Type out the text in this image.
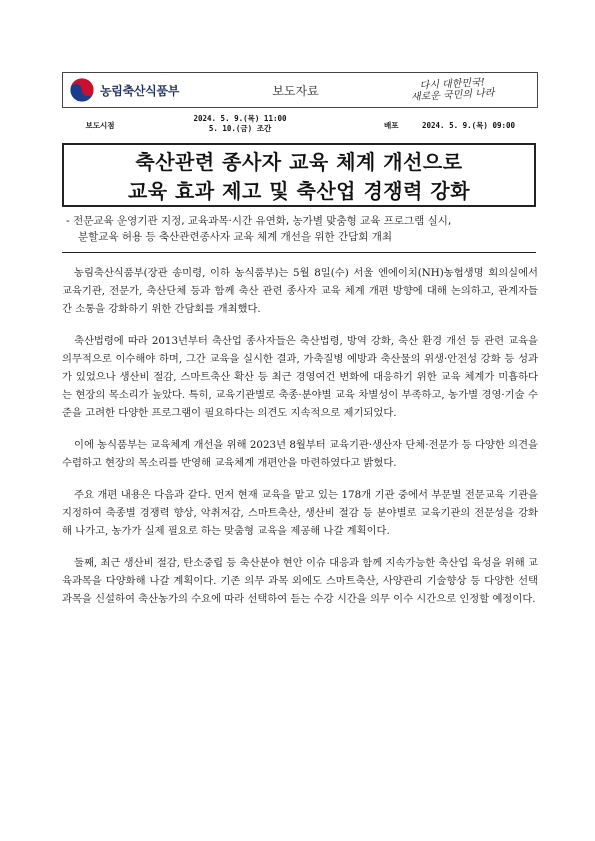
농림축산식품부	보도자료	다시 대한민국!
새로운 국민의 나라
보도시점
2024. 5. 9.(목) 11:00
5. 10.(금) 조간	배포	2024. 5. 9.(목) 09:00
축산관련 종사자 교육 체계 개선으로
교육 효과 제고 및 축산업 경쟁력 강화
- 전문교육 운영기관 지정, 교육과목·시간 유연화, 농가별 맞춤형 교육 프로그램 실시,
분할교육 허용 등 축산관련종사자 교육 체계 개선을 위한 간담회 개최

농림축산식품부(장관 송미령, 이하 농식품부)는 5월 8일(수) 서울 엔에이치(NH)농협생명 회의실에서 교육기관, 전문가, 축산단체 등과 함께 축산 관련 종사자 교육 체계 개편 방향에 대해 논의하고, 관계자들 간 소통을 강화하기 위한 간담회를 개최했다.

축산법령에 따라 2013년부터 축산업 종사자들은 축산법령, 방역 강화, 축산 환경 개선 등 관련 교육을 의무적으로 이수해야 하며, 그간 교육을 실시한 결과, 가축질병 예방과 축산물의 위생·안전성 강화 등 성과가 있었으나 생산비 절감, 스마트축산 확산 등 최근 경영여건 변화에 대응하기 위한 교육 체계가 미흡하다는 현장의 목소리가 높았다. 특히, 교육기관별로 축종·분야별 교육 차별성이 부족하고, 농가별 경영·기술 수준을 고려한 다양한 프로그램이 필요하다는 의견도 지속적으로 제기되었다.

이에 농식품부는 교육체계 개선을 위해 2023년 8월부터 교육기관·생산자 단체·전문가 등 다양한 의견을 수렴하고 현장의 목소리를 반영해 교육체계 개편안을 마련하였다고 밝혔다.

주요 개편 내용은 다음과 같다. 먼저 현재 교육을 맡고 있는 178개 기관 중에서 부문별 전문교육 기관을 지정하여 축종별 경쟁력 향상, 악취저감, 스마트축산, 생산비 절감 등 분야별로 교육기관의 전문성을 강화해 나가고, 농가가 실제 필요로 하는 맞춤형 교육을 제공해 나갈 계획이다.

둘째, 최근 생산비 절감, 탄소중립 등 축산분야 현안 이슈 대응과 함께 지속가능한 축산업 육성을 위해 교육과목을 다양화해 나갈 계획이다. 기존 의무 과목 외에도 스마트축산, 사양관리 기술향상 등 다양한 선택과목을 신설하여 축산농가의 수요에 따라 선택하여 듣는 수강 시간을 의무 이수 시간으로 인정할 예정이다.
